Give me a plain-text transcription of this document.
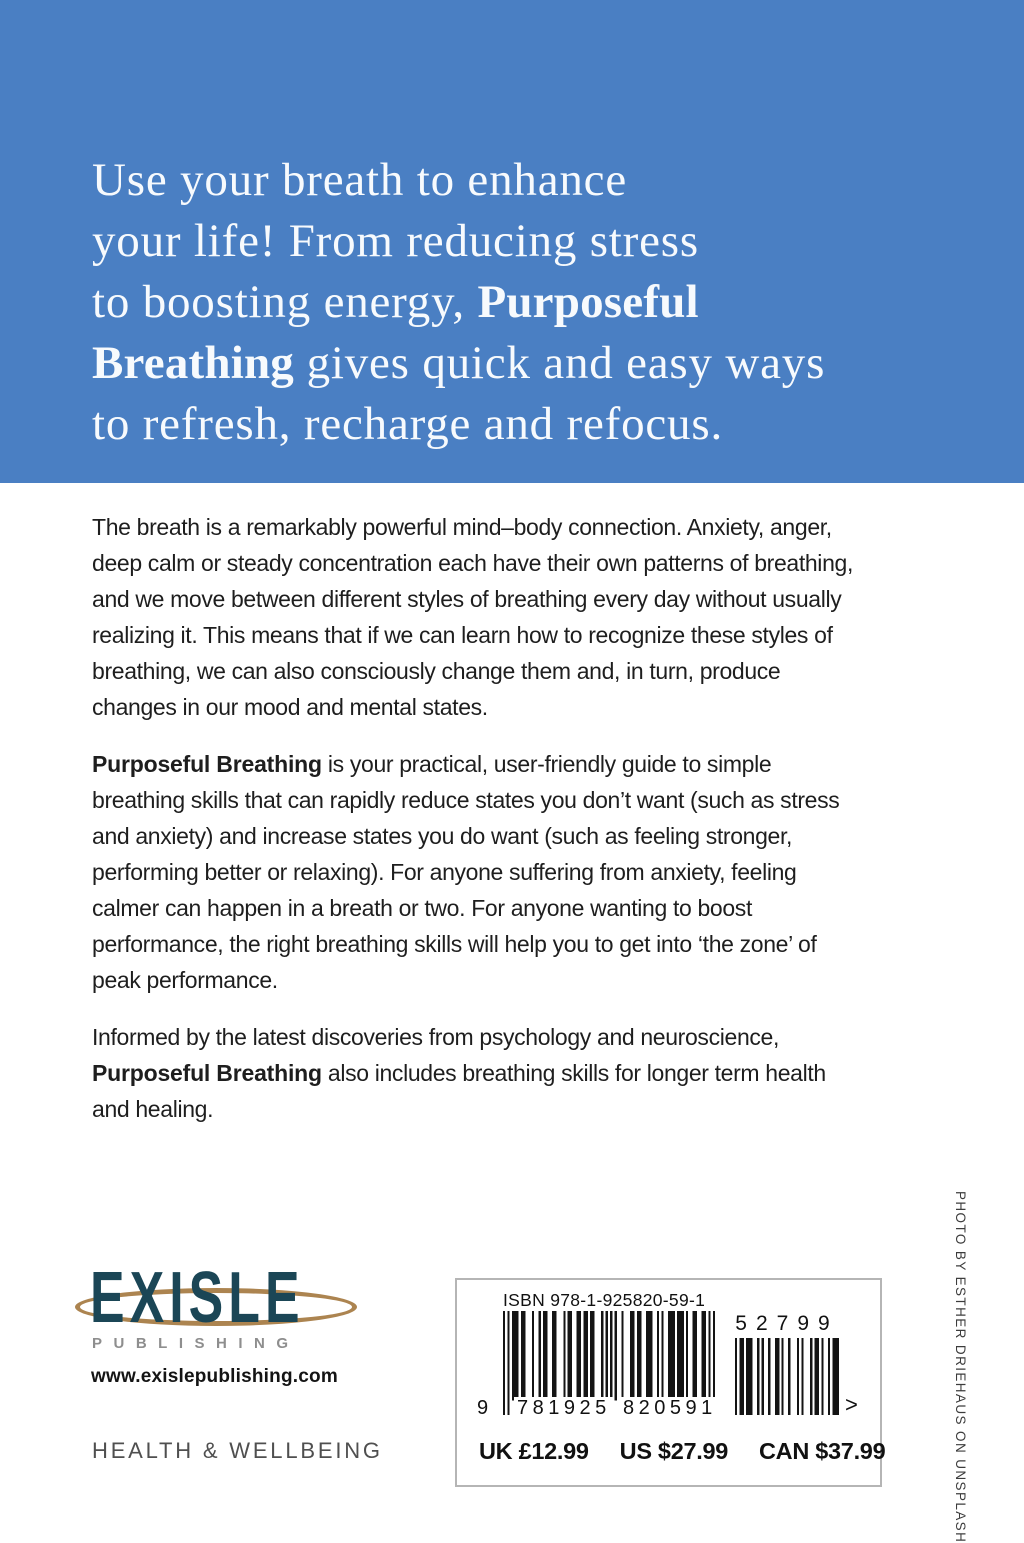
Use your breath to enhance
your life! From reducing stress
to boosting energy, Purposeful
Breathing gives quick and easy ways
to refresh, recharge and refocus.

The breath is a remarkably powerful mind–body connection. Anxiety, anger, deep calm or steady concentration each have their own patterns of breathing, and we move between different styles of breathing every day without usually realizing it. This means that if we can learn how to recognize these styles of breathing, we can also consciously change them and, in turn, produce changes in our mood and mental states.

Purposeful Breathing is your practical, user-friendly guide to simple breathing skills that can rapidly reduce states you don’t want (such as stress and anxiety) and increase states you do want (such as feeling stronger, performing better or relaxing). For anyone suffering from anxiety, feeling calmer can happen in a breath or two. For anyone wanting to boost performance, the right breathing skills will help you to get into ‘the zone’ of peak performance.

Informed by the latest discoveries from psychology and neuroscience, Purposeful Breathing also includes breathing skills for longer term health and healing.

EXISLE
PUBLISHING
www.exislepublishing.com
HEALTH & WELLBEING
ISBN 978-1-925820-59-1
9 781925 820591
52799
>
UK £12.99 US $27.99 CAN $37.99	PHOTO BY ESTHER DRIEHAUS ON UNSPLASH
